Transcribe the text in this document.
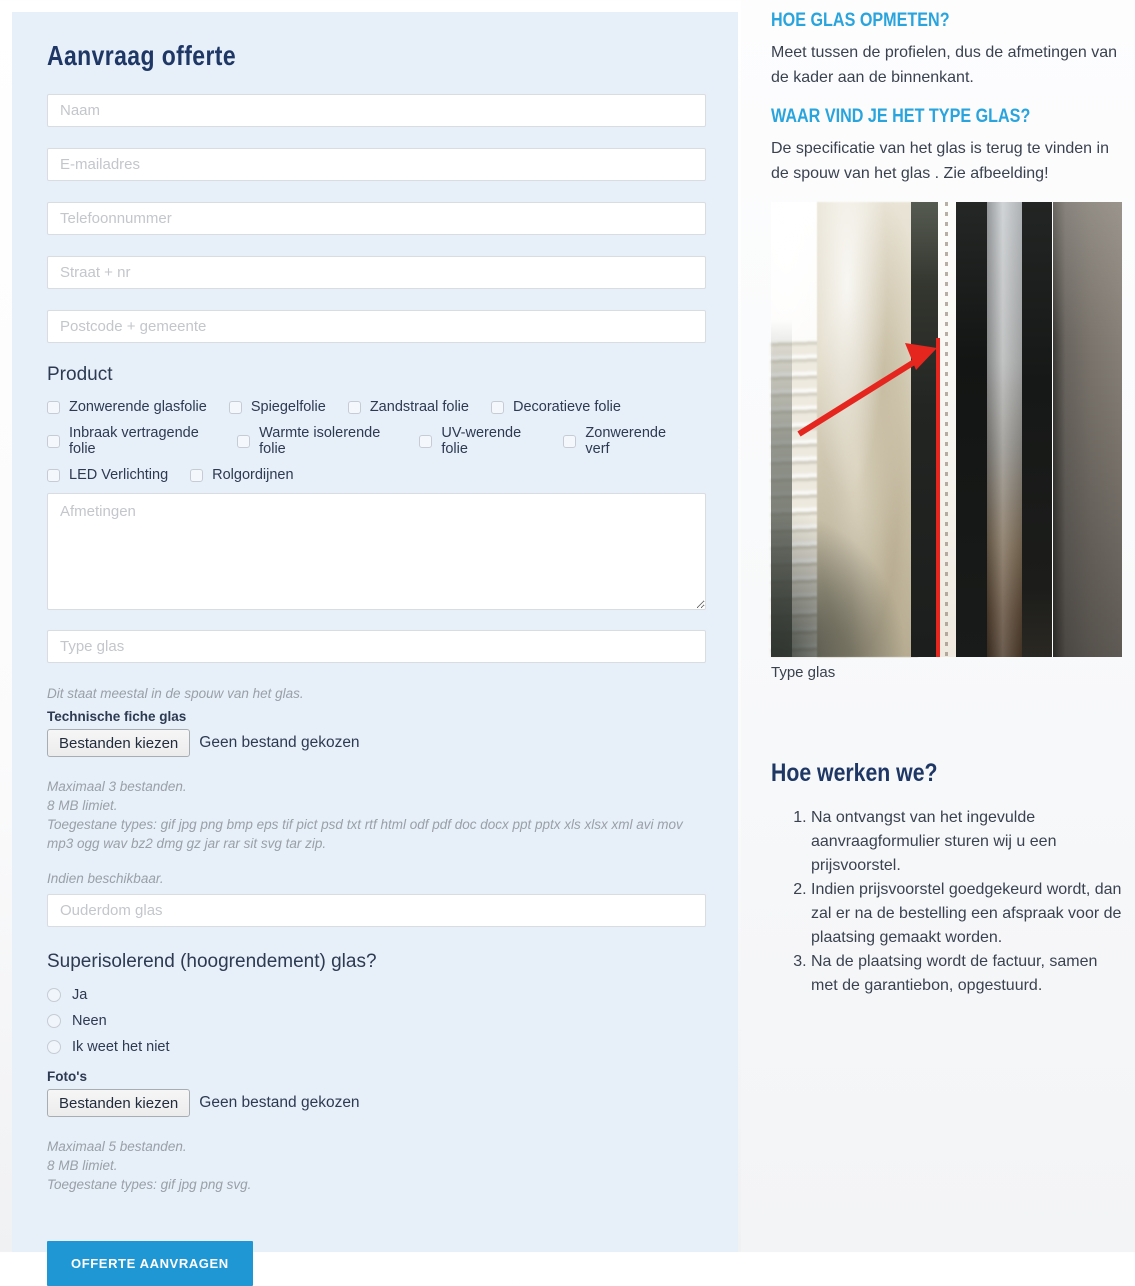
Aanvraag offerte
Naam
E-mailadres
Telefoonnummer
Straat + nr
Postcode + gemeente
Product
Zonwerende glasfolie	Spiegelfolie	Zandstraal folie	Decoratieve folie
Inbraak vertragende folie
Warmte isolerende folie
UV-werende folie
Zonwerende verf
LED Verlichting	Rolgordijnen
Afmetingen
Type glas
Dit staat meestal in de spouw van het glas.
Technische fiche glas
Bestanden kiezen	Geen bestand gekozen
Maximaal 3 bestanden.
8 MB limiet.
Toegestane types: gif jpg png bmp eps tif pict psd txt rtf html odf pdf doc docx ppt pptx xls xlsx xml avi mov mp3 ogg wav bz2 dmg gz jar rar sit svg tar zip.
Indien beschikbaar.
Ouderdom glas
Superisolerend (hoogrendement) glas?
Ja
Neen
Ik weet het niet
Foto's
Bestanden kiezen	Geen bestand gekozen
Maximaal 5 bestanden.
8 MB limiet.
Toegestane types: gif jpg png svg.
OFFERTE AANVRAGEN
HOE GLAS OPMETEN?
Meet tussen de profielen, dus de afmetingen van de kader aan de binnenkant.
WAAR VIND JE HET TYPE GLAS?
De specificatie van het glas is terug te vinden in de spouw van het glas . Zie afbeelding!
Type glas
Hoe werken we?
1. Na ontvangst van het ingevulde aanvraagformulier sturen wij u een prijsvoorstel.
2. Indien prijsvoorstel goedgekeurd wordt, dan zal er na de bestelling een afspraak voor de plaatsing gemaakt worden.
3. Na de plaatsing wordt de factuur, samen met de garantiebon, opgestuurd.
